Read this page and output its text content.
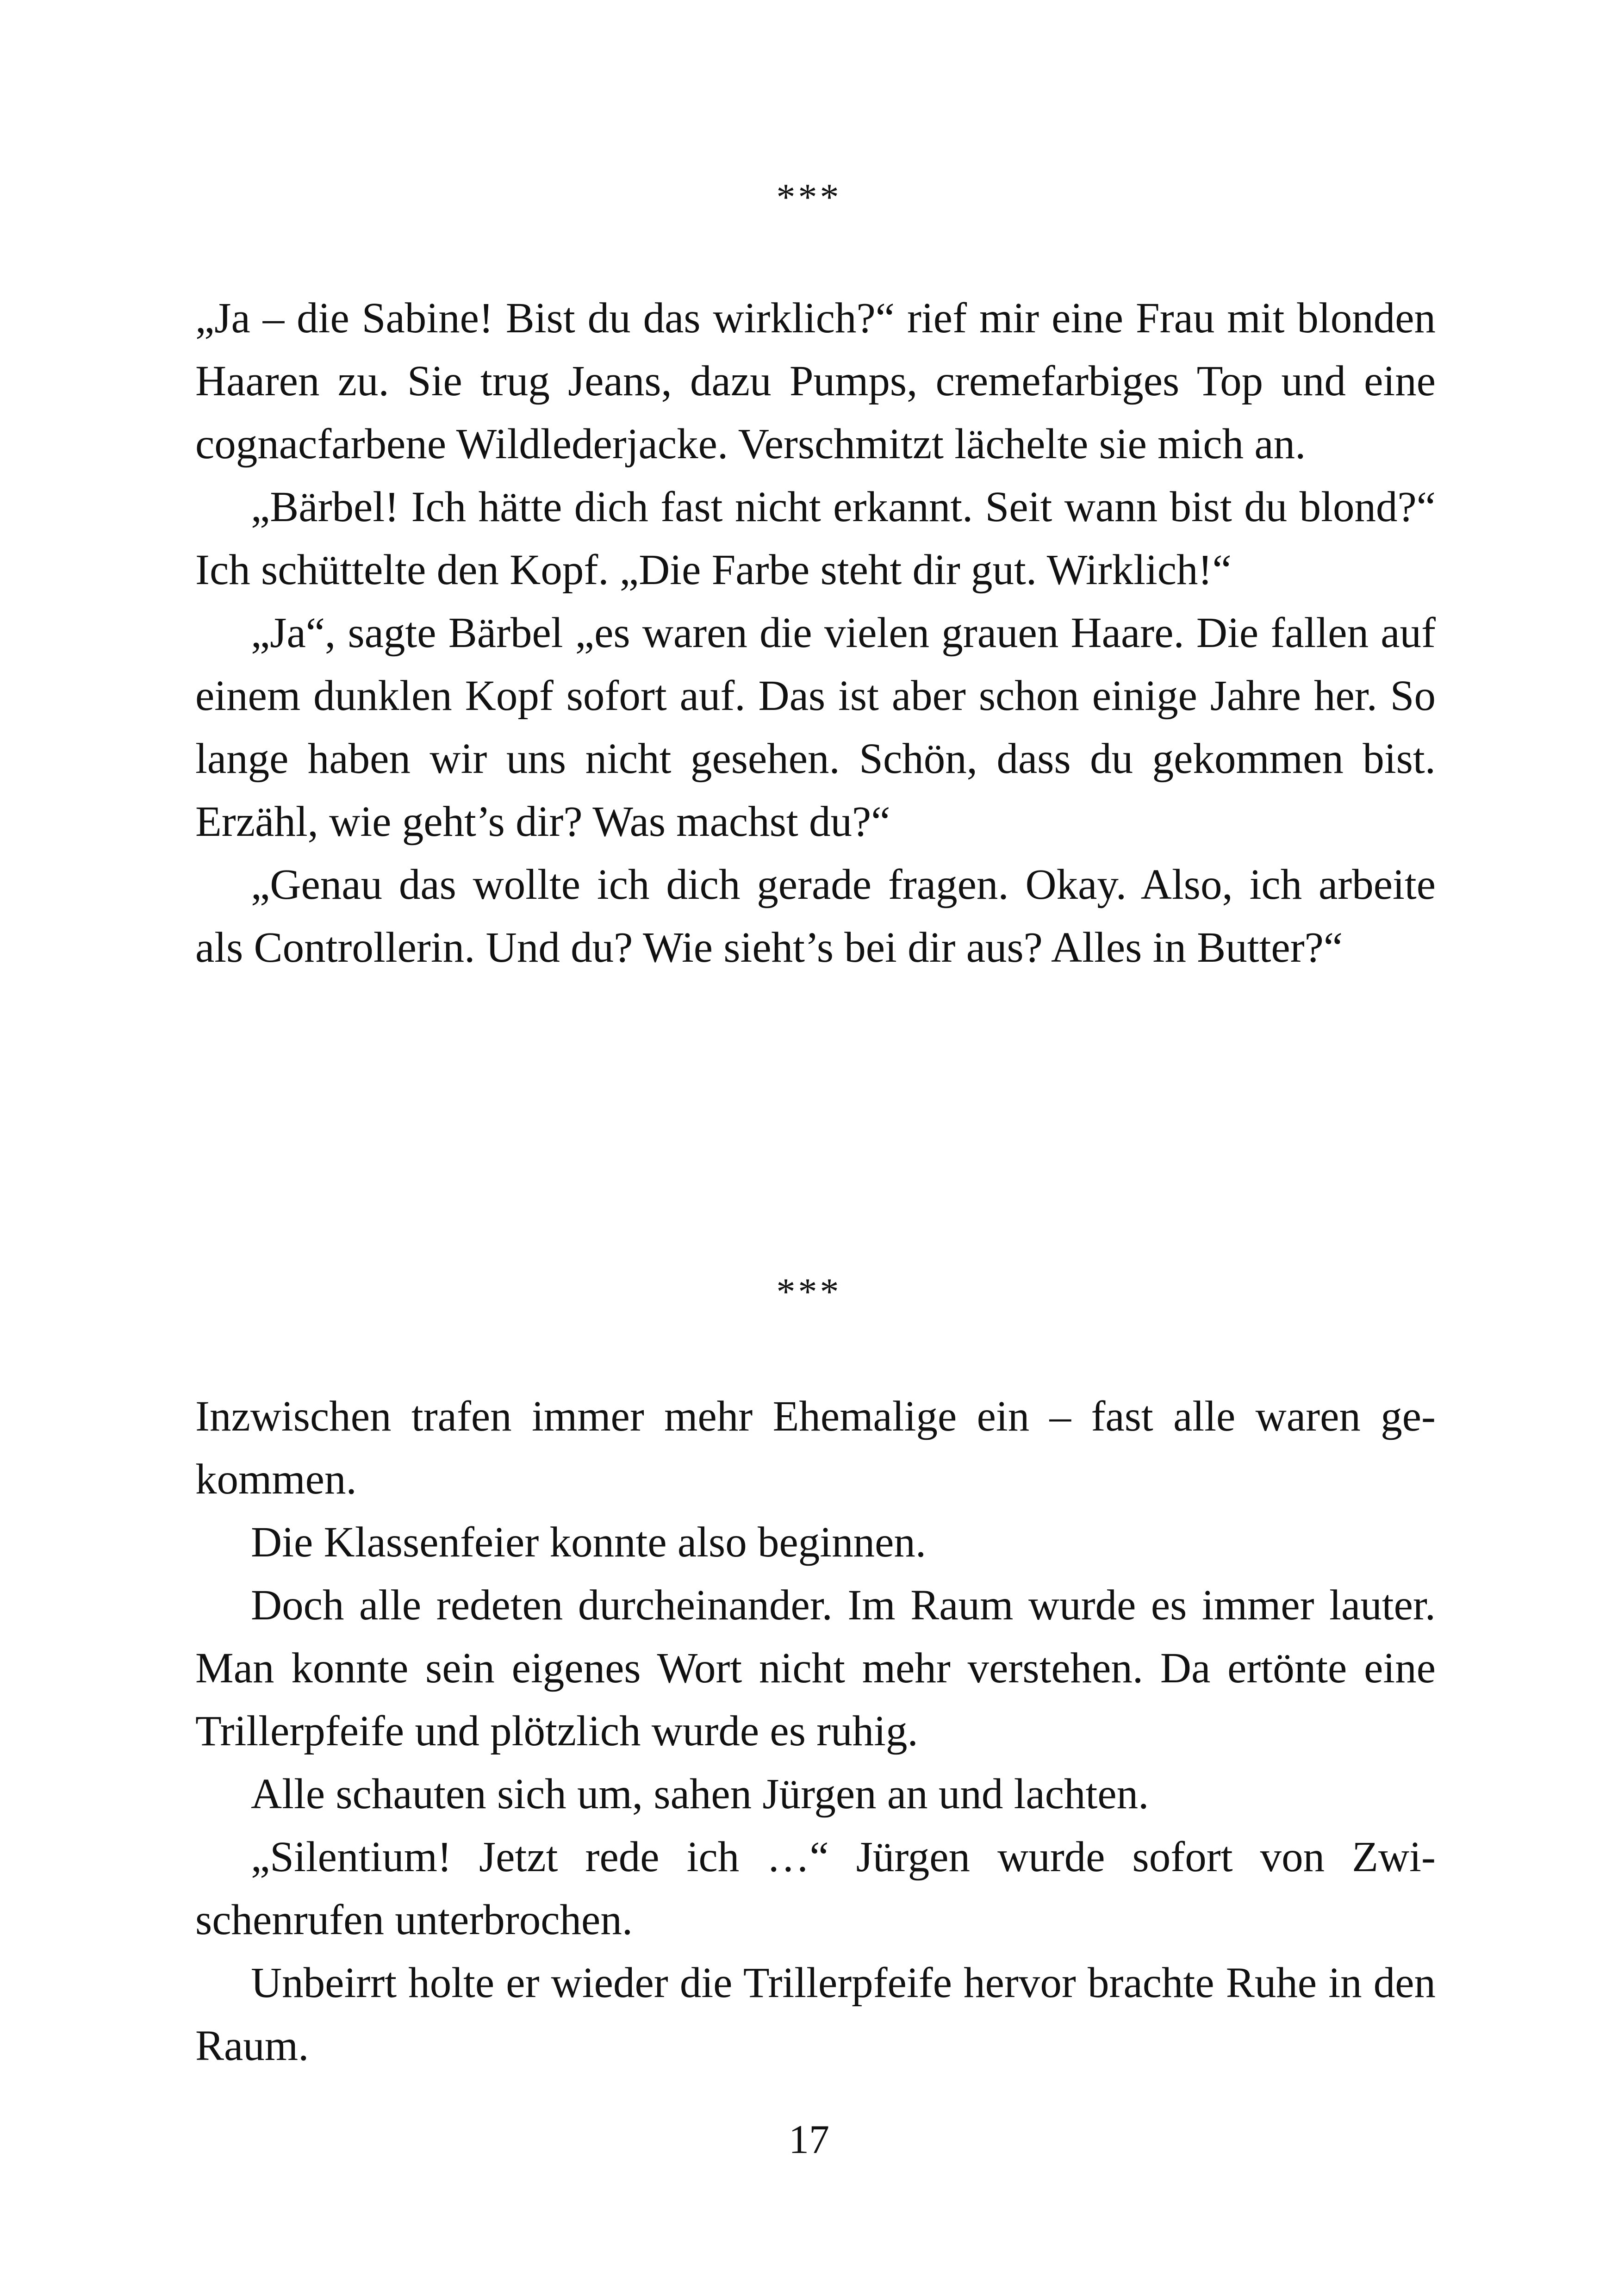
***

„Ja – die Sabine! Bist du das wirklich?“ rief mir eine Frau mit blonden Haaren zu. Sie trug Jeans, dazu Pumps, cremefarbiges Top und eine cognacfarbene Wildlederjacke. Verschmitzt lächelte sie mich an.

„Bärbel! Ich hätte dich fast nicht erkannt. Seit wann bist du blond?“ Ich schüttelte den Kopf. „Die Farbe steht dir gut. Wirklich!“

„Ja“, sagte Bärbel „es waren die vielen grauen Haare. Die fallen auf einem dunklen Kopf sofort auf. Das ist aber schon einige Jahre her. So lange haben wir uns nicht gesehen. Schön, dass du gekommen bist. Erzähl, wie geht’s dir? Was machst du?“

„Genau das wollte ich dich gerade fragen. Okay. Also, ich arbeite als Controllerin. Und du? Wie sieht’s bei dir aus? Alles in Butter?“

***

Inzwischen trafen immer mehr Ehemalige ein – fast alle waren gekommen.

Die Klassenfeier konnte also beginnen.

Doch alle redeten durcheinander. Im Raum wurde es immer lauter. Man konnte sein eigenes Wort nicht mehr verstehen. Da ertönte eine Trillerpfeife und plötzlich wurde es ruhig.

Alle schauten sich um, sahen Jürgen an und lachten.

„Silentium! Jetzt rede ich …“ Jürgen wurde sofort von Zwischenrufen unterbrochen.

Unbeirrt holte er wieder die Trillerpfeife hervor brachte Ruhe in den Raum.

17
